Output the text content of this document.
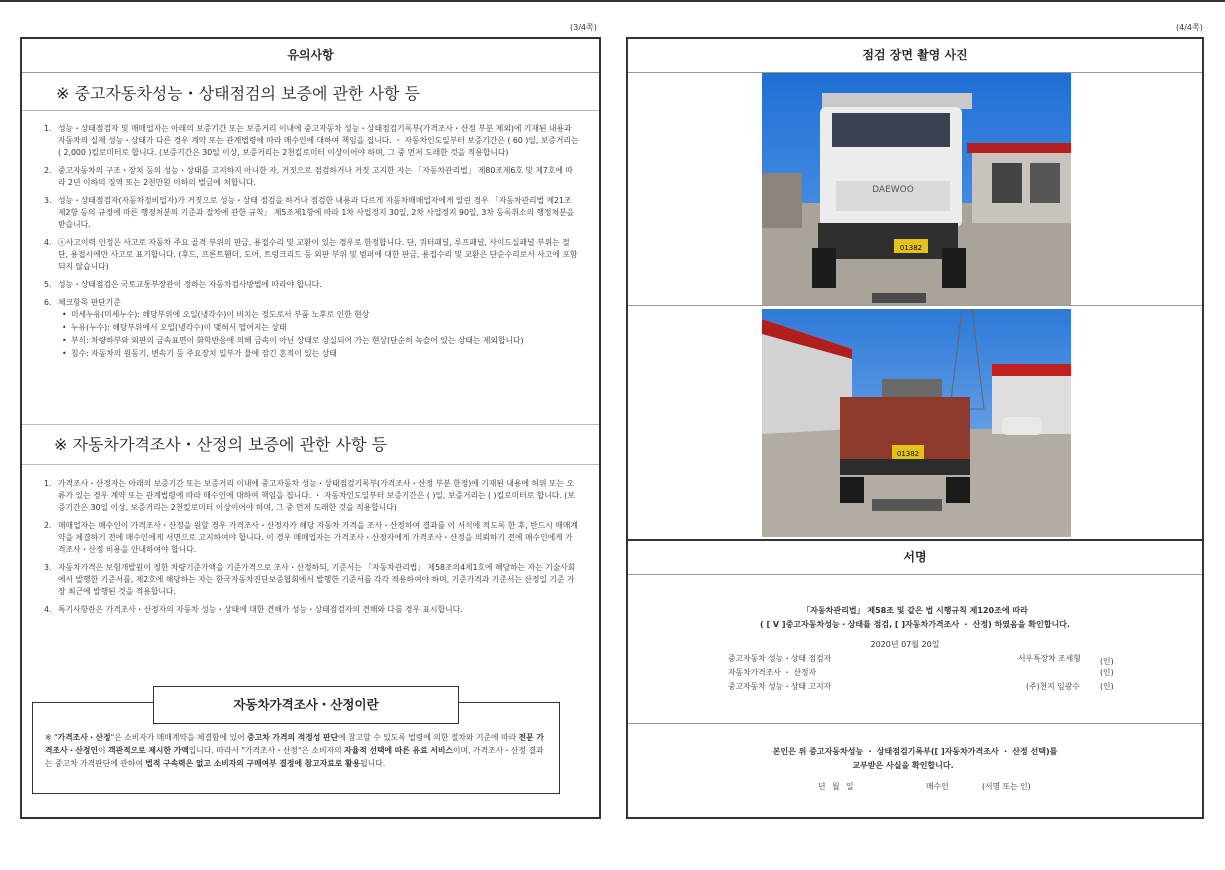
(3/4쪽)
유의사항
※ 중고자동차성능・상태점검의 보증에 관한 사항 등
1. 성능・상태점검자 및 매매업자는 아래의 보증기간 또는 보증거리 이내에 중고자동차 성능・상태점검기록부(가격조사・산정 부분 제외)에 기재된 내용과 자동차의 실제 성능・상태가 다른 경우 계약 또는 관계법령에 따라 매수인에 대하여 책임을 집니다. ・ 자동차인도일부터 보증기간은 ( 60 )일, 보증거리는 ( 2,000 )킬로미터로 합니다. (보증기간은 30일 이상, 보증거리는 2천킬로미터 이상이어야 하며, 그 중 먼저 도래한 것을 적용합니다)
2. 중고자동차의 구조・장치 등의 성능・상태를 고지하지 아니한 자, 거짓으로 점검하거나 거짓 고지한 자는 「자동차관리법」 제80조제6호 및 제7호에 따라 2년 이하의 징역 또는 2천만원 이하의 벌금에 처합니다.
3. 성능・상태점검자(자동차정비업자)가 거짓으로 성능・상태 점검을 하거나 점검한 내용과 다르게 자동차매매업자에게 알린 경우 「자동차관리법 제21조제2항 등의 규정에 따른 행정처분의 기준과 절차에 관한 규칙」 제5조제1항에 따라 1차 사업정지 30일, 2차 사업정지 90일, 3차 등록취소의 행정처분을 받습니다.
4. ⓢ사고이력 인정은 사고로 자동차 주요 골격 부위의 판금, 용접수리 및 교환이 있는 경우로 한정합니다. 단, 쿼터패널, 루프패널, 사이드실패널 부위는 절단, 용접시에만 사고로 표기합니다. (후드, 프론트휀더, 도어, 트렁크리드 등 외판 부위 및 범퍼에 대한 판금, 용접수리 및 교환은 단순수리로서 사고에 포함되지 않습니다)
5. 성능・상태점검은 국토교통부장관이 정하는 자동차검사방법에 따라야 합니다.
6. 체크항목 판단기준
• 미세누유(미세누수): 해당부위에 오일(냉각수)이 비치는 정도로서 부품 노후로 인한 현상
• 누유(누수): 해당부위에서 오일(냉각수)이 맺혀서 떨어지는 상태
• 부식: 차량하부와 외판의 금속표면이 화학반응에 의해 금속이 아닌 상태로 상실되어 가는 현상(단순히 녹슬어 있는 상태는 제외합니다)
• 침수: 자동차의 원동기, 변속기 등 주요장치 일부가 물에 잠긴 흔적이 있는 상태
※ 자동차가격조사・산정의 보증에 관한 사항 등
1. 가격조사・산정자는 아래의 보증기간 또는 보증거리 이내에 중고자동차 성능・상태점검기록부(가격조사・산정 부분 한정)에 기재된 내용에 허위 또는 오류가 있는 경우 계약 또는 관계법령에 따라 매수인에 대하여 책임을 집니다. ・ 자동차인도일부터 보증기간은 ( )일, 보증거리는 ( )킬로미터로 합니다. (보증기간은 30일 이상, 보증거리는 2천킬로미터 이상이어야 하며, 그 중 먼저 도래한 것을 적용합니다)
2. 매매업자는 매수인이 가격조사・산정을 원할 경우 가격조사・산정자가 해당 자동차 가격을 조사・산정하여 결과를 이 서식에 적도록 한 후, 반드시 매매계약을 체결하기 전에 매수인에게 서면으로 고지하여야 합니다. 이 경우 매매업자는 가격조사・산정자에게 가격조사・산정을 의뢰하기 전에 매수인에게 가격조사・산정 비용을 안내하여야 합니다.
3. 자동차가격은 보험개발원이 정한 차량기준가액을 기준가격으로 조사・산정하되, 기준서는 「자동차관리법」 제58조의4제1호에 해당하는 자는 기술사회에서 발행한 기준서를, 제2호에 해당하는 자는 한국자동차진단보증협회에서 발행한 기준서를 각각 적용하여야 하며, 기준가격과 기준서는 산정일 기준 가장 최근에 발행된 것을 적용합니다.
4. 특기사항란은 가격조사・산정자의 자동차 성능・상태에 대한 견해가 성능・상태점검자의 견해와 다를 경우 표시합니다.
자동차가격조사・산정이란
※ "가격조사・산정"은 소비자가 매매계약을 체결함에 있어 중고차 가격의 적정성 판단에 참고할 수 있도록 법령에 의한 절차와 기준에 따라 전문 가격조사・산정인이 객관적으로 제시한 가액입니다. 따라서 "가격조사・산정"은 소비자의 자율적 선택에 따른 유료 서비스이며, 가격조사・산정 결과는 중고차 가격판단에 관하여 법적 구속력은 없고 소비자의 구매여부 결정에 참고자료로 활용됩니다.
(4/4쪽)
점검 장면 촬영 사진
DAEWOO
01382
01382
서명
「자동차관리법」 제58조 및 같은 법 시행규칙 제120조에 따라
( [ V ]중고자동차성능・상태를 점검, [ ]자동차가격조사 ・ 산정) 하였음을 확인합니다.
2020년 07월 20일
중고자동차 성능・상태 점검자	서우특장차 조세형 (인)
자동차가격조사 ・ 산정자	(인)
중고자동차 성능・상태 고지자	(주)천지 임광수	(인)
본인은 위 중고자동차성능 ・ 상태점검기록부([ ]자동차가격조사 ・ 산정 선택)를
교부받은 사실을 확인합니다.
년 월 일	매수인	(서명 또는 인)
